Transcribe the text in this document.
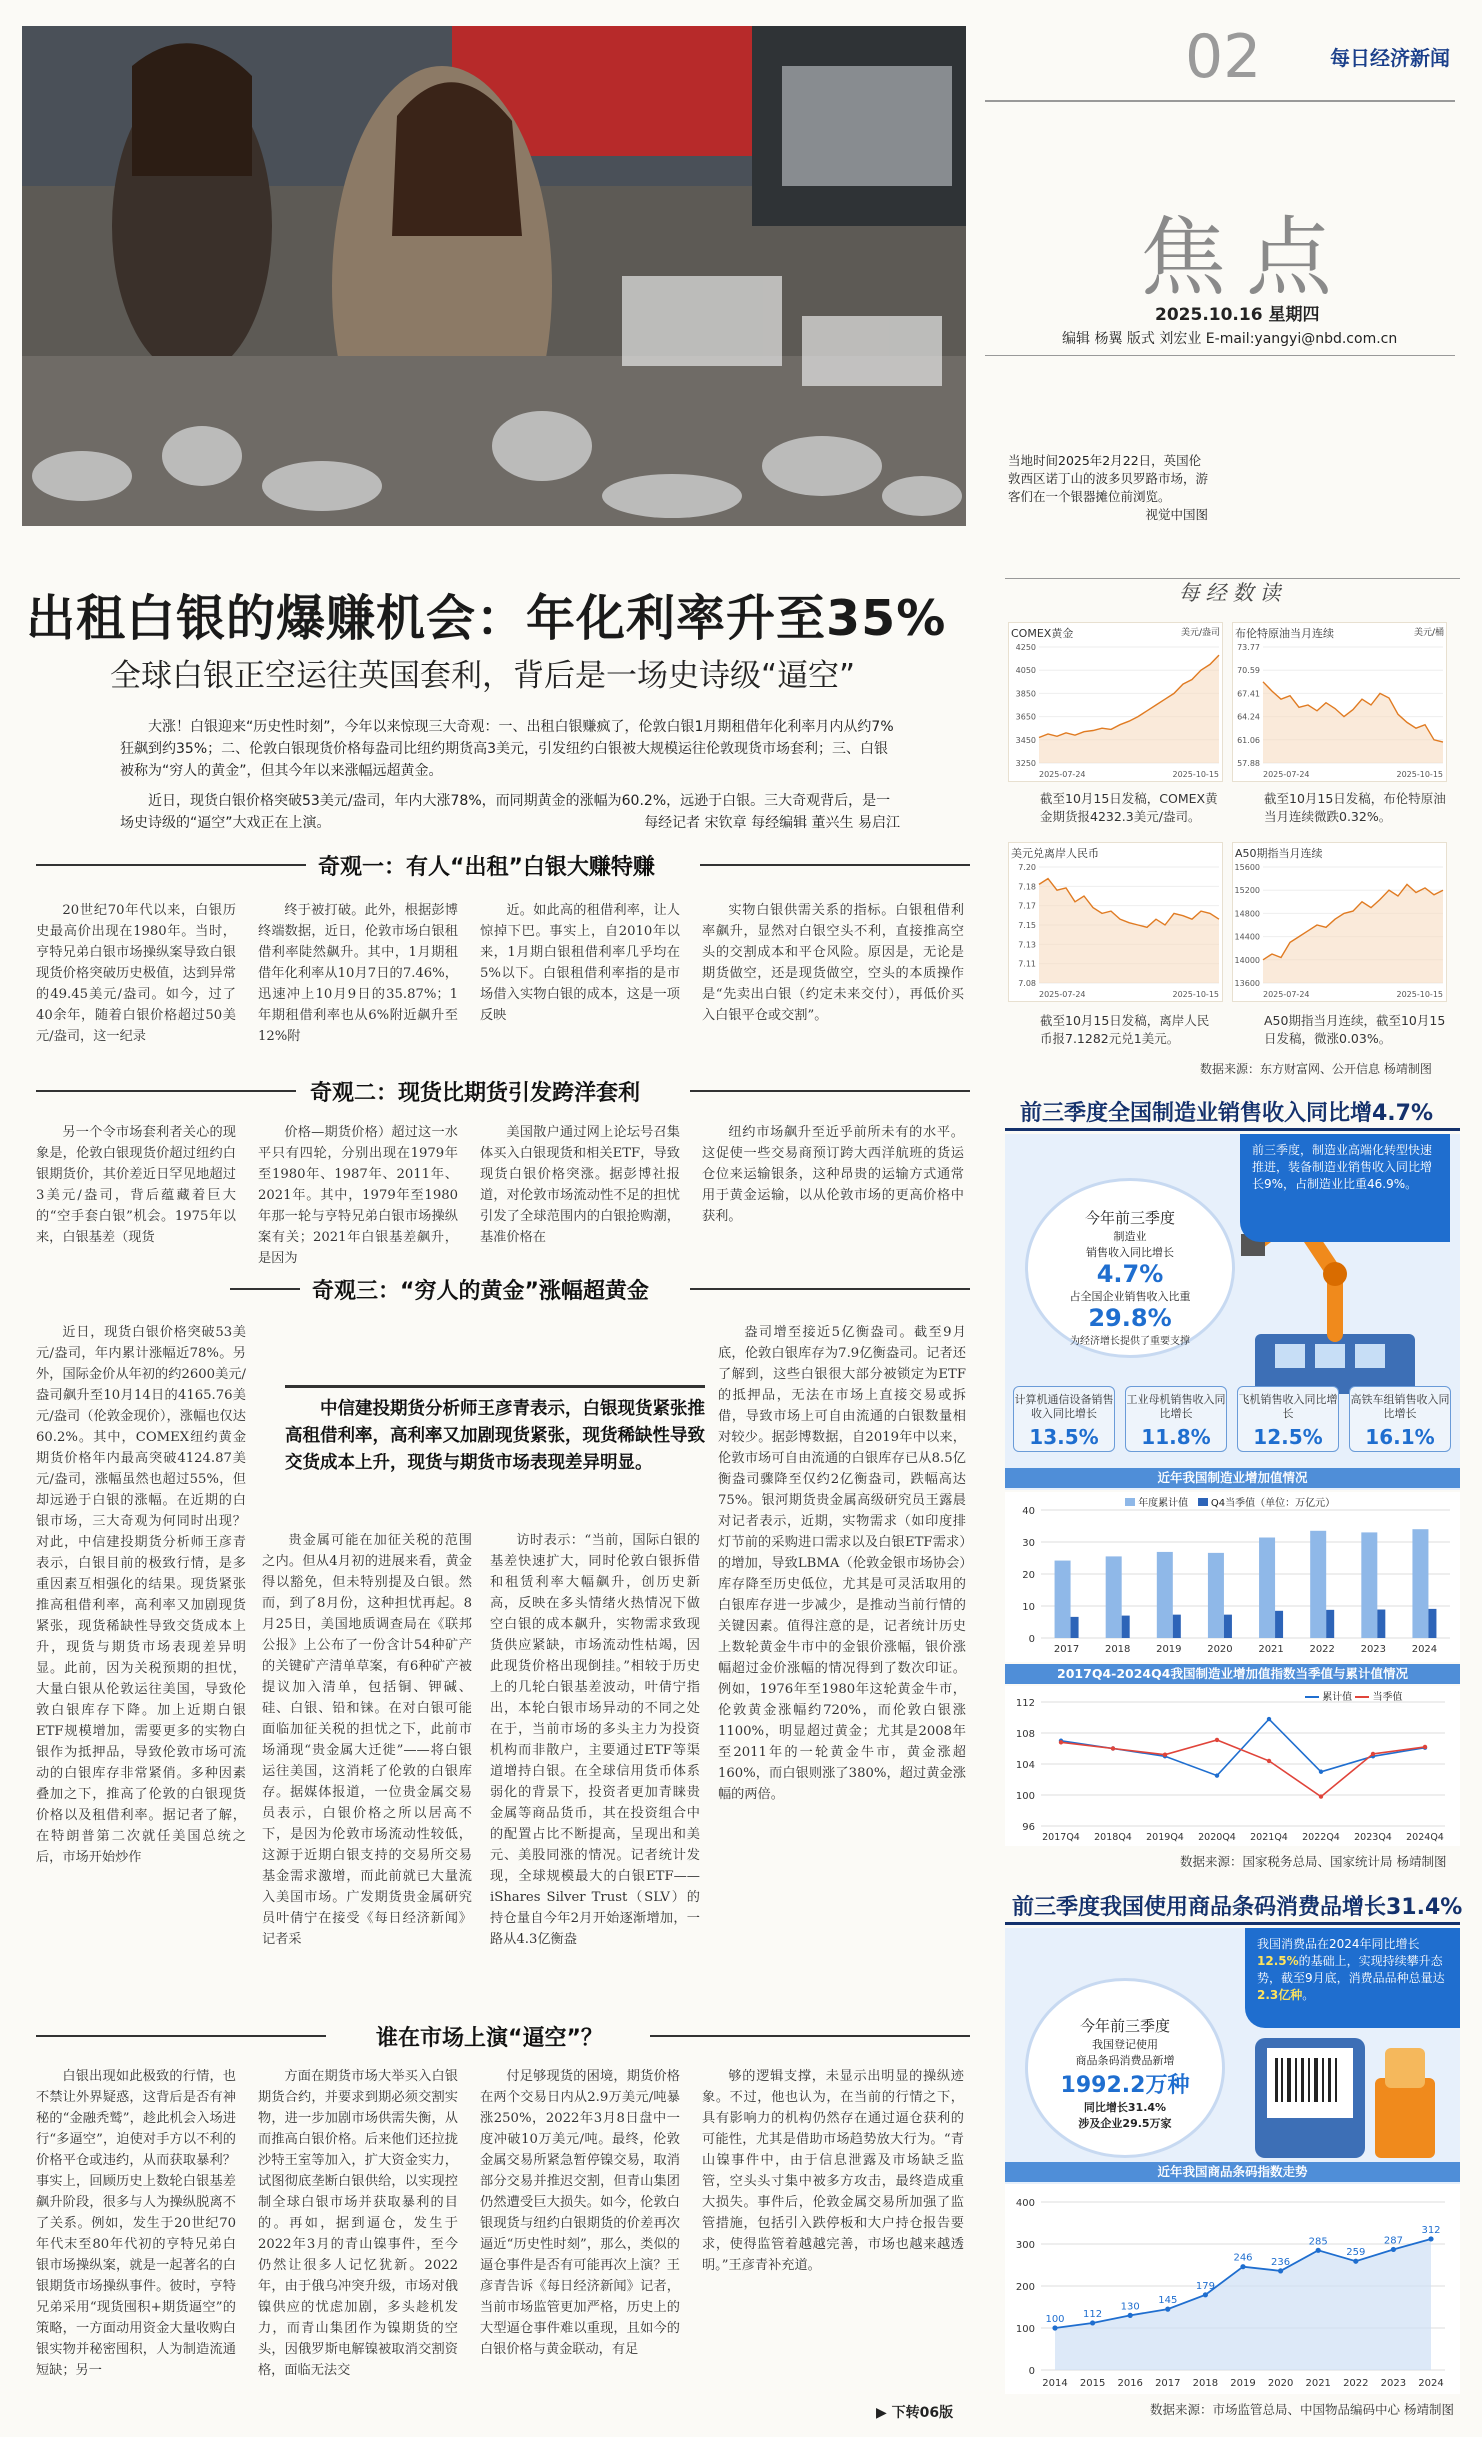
02	每日经济新闻
焦点
2025.10.16 星期四
编辑 杨翼 版式 刘宏业 E-mail:yangyi@nbd.com.cn
当地时间2025年2月22日，英国伦敦西区诺丁山的波多贝罗路市场，游客们在一个银器摊位前浏览。

视觉中国图
出租白银的爆赚机会：年化利率升至35%
全球白银正空运往英国套利，背后是一场史诗级“逼空”
大涨！白银迎来“历史性时刻”，今年以来惊现三大奇观：一、出租白银赚疯了，伦敦白银1月期租借年化利率月内从约7%狂飙到约35%；二、伦敦白银现货价格每盎司比纽约期货高3美元，引发纽约白银被大规模运往伦敦现货市场套利；三、白银被称为“穷人的黄金”，但其今年以来涨幅远超黄金。
近日，现货白银价格突破53美元/盎司，年内大涨78%，而同期黄金的涨幅为60.2%，远逊于白银。三大奇观背后，是一场史诗级的“逼空”大戏正在上演。	每经记者 宋钦章 每经编辑 董兴生 易启江
奇观一：有人“出租”白银大赚特赚
20世纪70年代以来，白银历史最高价出现在1980年。当时，亨特兄弟白银市场操纵案导致白银现货价格突破历史极值，达到异常的49.45美元/盎司。如今，过了40余年，随着白银价格超过50美元/盎司，这一纪录
终于被打破。此外，根据彭博终端数据，近日，伦敦市场白银租借利率陡然飙升。其中，1月期租借年化利率从10月7日的7.46%，迅速冲上10月9日的35.87%；1年期租借利率也从6%附近飙升至12%附
近。如此高的租借利率，让人惊掉下巴。事实上，自2010年以来，1月期白银租借利率几乎均在5%以下。白银租借利率指的是市场借入实物白银的成本，这是一项反映
实物白银供需关系的指标。白银租借利率飙升，显然对白银空头不利，直接推高空头的交割成本和平仓风险。原因是，无论是期货做空，还是现货做空，空头的本质操作是“先卖出白银（约定未来交付），再低价买入白银平仓或交割”。
奇观二：现货比期货引发跨洋套利
另一个令市场套利者关心的现象是，伦敦白银现货价超过纽约白银期货价，其价差近日罕见地超过3美元/盎司，背后蕴藏着巨大的“空手套白银”机会。1975年以来，白银基差（现货
价格—期货价格）超过这一水平只有四轮，分别出现在1979年至1980年、1987年、2011年、2021年。其中，1979年至1980年那一轮与亨特兄弟白银市场操纵案有关；2021年白银基差飙升，是因为
美国散户通过网上论坛号召集体买入白银现货和相关ETF，导致现货白银价格突涨。据彭博社报道，对伦敦市场流动性不足的担忧引发了全球范围内的白银抢购潮，基准价格在
纽约市场飙升至近乎前所未有的水平。这促使一些交易商预订跨大西洋航班的货运仓位来运输银条，这种昂贵的运输方式通常用于黄金运输，以从伦敦市场的更高价格中获利。
奇观三：“穷人的黄金”涨幅超黄金
近日，现货白银价格突破53美元/盎司，年内累计涨幅近78%。另外，国际金价从年初的约2600美元/盎司飙升至10月14日的4165.76美元/盎司（伦敦金现价），涨幅也仅达60.2%。其中，COMEX纽约黄金期货价格年内最高突破4124.87美元/盎司，涨幅虽然也超过55%，但却远逊于白银的涨幅。在近期的白银市场，三大奇观为何同时出现？对此，中信建投期货分析师王彦青表示，白银目前的极致行情，是多重因素互相强化的结果。现货紧张推高租借利率，高利率又加剧现货紧张，现货稀缺性导致交货成本上升，现货与期货市场表现差异明显。此前，因为关税预期的担忧，大量白银从伦敦运往美国，导致伦敦白银库存下降。加上近期白银ETF规模增加，需要更多的实物白银作为抵押品，导致伦敦市场可流动的白银库存非常紧俏。多种因素叠加之下，推高了伦敦的白银现货价格以及租借利率。据记者了解，在特朗普第二次就任美国总统之后，市场开始炒作
中信建投期货分析师王彦青表示，白银现货紧张推高租借利率，高利率又加剧现货紧张，现货稀缺性导致交货成本上升，现货与期货市场表现差异明显。
贵金属可能在加征关税的范围之内。但从4月初的进展来看，黄金得以豁免，但未特别提及白银。然而，到了8月份，这种担忧再起。8月25日，美国地质调查局在《联邦公报》上公布了一份含计54种矿产的关键矿产清单草案，有6种矿产被提议加入清单，包括铜、钾碱、硅、白银、铅和铼。在对白银可能面临加征关税的担忧之下，此前市场涌现“贵金属大迁徙”——将白银运往美国，这消耗了伦敦的白银库存。据媒体报道，一位贵金属交易员表示，白银价格之所以居高不下，是因为伦敦市场流动性较低，这源于近期白银支持的交易所交易基金需求激增，而此前就已大量流入美国市场。广发期货贵金属研究员叶倩宁在接受《每日经济新闻》记者采
访时表示：“当前，国际白银的基差快速扩大，同时伦敦白银拆借和租赁利率大幅飙升，创历史新高，反映在多头情绪火热情况下做空白银的成本飙升，实物需求致现货供应紧缺，市场流动性枯竭，因此现货价格出现倒挂。”相较于历史上的几轮白银基差波动，叶倩宁指出，本轮白银市场异动的不同之处在于，当前市场的多头主力为投资机构而非散户，主要通过ETF等渠道增持白银。在全球信用货币体系弱化的背景下，投资者更加青睐贵金属等商品货币，其在投资组合中的配置占比不断提高，呈现出和美元、美股同涨的情况。记者统计发现，全球规模最大的白银ETF——iShares Silver Trust（SLV）的持仓量自今年2月开始逐渐增加，一路从4.3亿衡盎
盎司增至接近5亿衡盎司。截至9月底，伦敦白银库存为7.9亿衡盎司。记者还了解到，这些白银很大部分被锁定为ETF的抵押品，无法在市场上直接交易或拆借，导致市场上可自由流通的白银数量相对较少。据彭博数据，自2019年中以来，伦敦市场可自由流通的白银库存已从8.5亿衡盎司骤降至仅约2亿衡盎司，跌幅高达75%。银河期货贵金属高级研究员王露晨对记者表示，近期，实物需求（如印度排灯节前的采购进口需求以及白银ETF需求）的增加，导致LBMA（伦敦金银市场协会）库存降至历史低位，尤其是可灵活取用的白银库存进一步减少，是推动当前行情的关键因素。值得注意的是，记者统计历史上数轮黄金牛市中的金银价涨幅，银价涨幅超过金价涨幅的情况得到了数次印证。例如，1976年至1980年这轮黄金牛市，伦敦黄金涨幅约720%，而伦敦白银涨1100%，明显超过黄金；尤其是2008年至2011年的一轮黄金牛市，黄金涨超160%，而白银则涨了380%，超过黄金涨幅的两倍。
谁在市场上演“逼空”？
白银出现如此极致的行情，也不禁让外界疑惑，这背后是否有神秘的“金融秃鹫”，趁此机会入场进行“多逼空”，迫使对手方以不利的价格平仓或违约，从而获取暴利？事实上，回顾历史上数轮白银基差飙升阶段，很多与人为操纵脱离不了关系。例如，发生于20世纪70年代末至80年代初的亨特兄弟白银市场操纵案，就是一起著名的白银期货市场操纵事件。彼时，亨特兄弟采用“现货囤积+期货逼空”的策略，一方面动用资金大量收购白银实物并秘密囤积，人为制造流通短缺；另一
方面在期货市场大举买入白银期货合约，并要求到期必须交割实物，进一步加剧市场供需失衡，从而推高白银价格。后来他们还拉拢沙特王室等加入，扩大资金实力，试图彻底垄断白银供给，以实现控制全球白银市场并获取暴利的目的。再如，据到逼仓，发生于2022年3月的青山镍事件，至今仍然让很多人记忆犹新。2022年，由于俄乌冲突升级，市场对俄镍供应的忧虑加剧，多头趁机发力，而青山集团作为镍期货的空头，因俄罗斯电解镍被取消交割资格，面临无法交
付足够现货的困境，期货价格在两个交易日内从2.9万美元/吨暴涨250%，2022年3月8日盘中一度冲破10万美元/吨。最终，伦敦金属交易所紧急暂停镍交易，取消部分交易并推迟交割，但青山集团仍然遭受巨大损失。如今，伦敦白银现货与纽约白银期货的价差再次逼近“历史性时刻”，那么，类似的逼仓事件是否有可能再次上演？王彦青告诉《每日经济新闻》记者，当前市场监管更加严格，历史上的大型逼仓事件难以重现，且如今的白银价格与黄金联动，有足
够的逻辑支撑，未显示出明显的操纵迹象。不过，他也认为，在当前的行情之下，具有影响力的机构仍然存在通过逼仓获利的可能性，尤其是借助市场趋势放大行为。“青山镍事件中，由于信息泄露及市场缺乏监管，空头头寸集中被多方攻击，最终造成重大损失。事件后，伦敦金属交易所加强了监管措施，包括引入跌停板和大户持仓报告要求，使得监管着越越完善，市场也越来越透明。”王彦青补充道。
▶ 下转06版
每经数读
COMEX黄金	美元/盎司
4250
4050
3850
3650
3450
3250
2025-07-24	2025-10-15
布伦特原油当月连续	美元/桶
73.77
70.59
67.41
64.24
61.06
57.88
2025-07-24	2025-10-15
截至10月15日发稿，COMEX黄金期货报4232.3美元/盎司。
截至10月15日发稿，布伦特原油当月连续微跌0.32%。
美元兑离岸人民币
7.20
7.18
7.17
7.15
7.13
7.11
7.08
2025-07-24	2025-10-15
A50期指当月连续
15600
15200
14800
14400
14000
13600
2025-07-24	2025-10-15
截至10月15日发稿，离岸人民币报7.1282元兑1美元。
A50期指当月连续，截至10月15日发稿，微涨0.03%。
数据来源：东方财富网、公开信息 杨靖制图
前三季度全国制造业销售收入同比增4.7%
前三季度，制造业高端化转型快速推进，装备制造业销售收入同比增长9%，占制造业比重46.9%。
今年前三季度
制造业
销售收入同比增长
4.7%
占全国企业销售收入比重
29.8%
为经济增长提供了重要支撑
计算机通信设备销售收入同比增长
13.5%
工业母机销售收入同比增长
11.8%
飞机销售收入同比增长
12.5%
高铁车组销售收入同比增长
16.1%
近年我国制造业增加值情况
年度累计值 Q4当季值（单位：万亿元）
0
10
20
30
40
2017	2018	2019	2020	2021	2022	2023	2024
2017Q4-2024Q4我国制造业增加值指数当季值与累计值情况
累计值 当季值
96
100
104
108
112
2017Q4 2018Q4 2019Q4 2020Q4 2021Q4 2022Q4 2023Q4 2024Q4
数据来源：国家税务总局、国家统计局 杨靖制图
前三季度我国使用商品条码消费品增长31.4%
我国消费品在2024年同比增长12.5%的基础上，实现持续攀升态势，截至9月底，消费品品种总量达2.3亿种。
今年前三季度
我国登记使用
商品条码消费品新增
1992.2万种
同比增长31.4%
涉及企业29.5万家
近年我国商品条码指数走势
0
100
200
300
400
2014 2015 2016 2017 2018 2019 2020 2021 2022 2023 2024
100 112
130
145
179
246 236
285
259
287
312
数据来源：市场监管总局、中国物品编码中心 杨靖制图
